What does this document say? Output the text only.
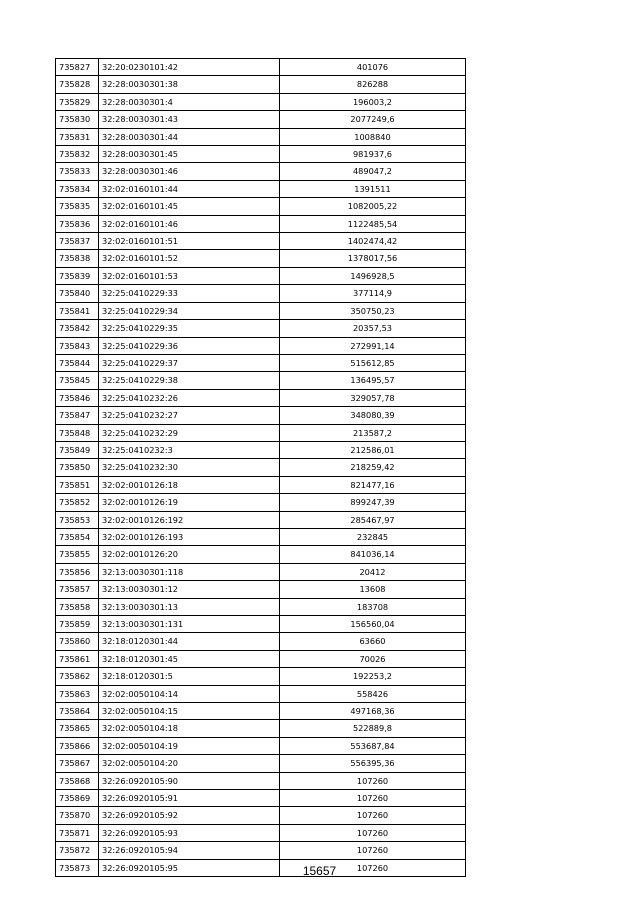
735827	32:20:0230101:42	401076
735828	32:28:0030301:38	826288
735829	32:28:0030301:4	196003,2
735830	32:28:0030301:43	2077249,6
735831	32:28:0030301:44	1008840
735832	32:28:0030301:45	981937,6
735833	32:28:0030301:46	489047,2
735834	32:02:0160101:44	1391511
735835	32:02:0160101:45	1082005,22
735836	32:02:0160101:46	1122485,54
735837	32:02:0160101:51	1402474,42
735838	32:02:0160101:52	1378017,56
735839	32:02:0160101:53	1496928,5
735840	32:25:0410229:33	377114,9
735841	32:25:0410229:34	350750,23
735842	32:25:0410229:35	20357,53
735843	32:25:0410229:36	272991,14
735844	32:25:0410229:37	515612,85
735845	32:25:0410229:38	136495,57
735846	32:25:0410232:26	329057,78
735847	32:25:0410232:27	348080,39
735848	32:25:0410232:29	213587,2
735849	32:25:0410232:3	212586,01
735850	32:25:0410232:30	218259,42
735851	32:02:0010126:18	821477,16
735852	32:02:0010126:19	899247,39
735853	32:02:0010126:192	285467,97
735854	32:02:0010126:193	232845
735855	32:02:0010126:20	841036,14
735856	32:13:0030301:118	20412
735857	32:13:0030301:12	13608
735858	32:13:0030301:13	183708
735859	32:13:0030301:131	156560,04
735860	32:18:0120301:44	63660
735861	32:18:0120301:45	70026
735862	32:18:0120301:5	192253,2
735863	32:02:0050104:14	558426
735864	32:02:0050104:15	497168,36
735865	32:02:0050104:18	522889,8
735866	32:02:0050104:19	553687,84
735867	32:02:0050104:20	556395,36
735868	32:26:0920105:90	107260
735869	32:26:0920105:91	107260
735870	32:26:0920105:92	107260
735871	32:26:0920105:93	107260
735872	32:26:0920105:94	107260
735873	32:26:0920105:95	107260
15657
